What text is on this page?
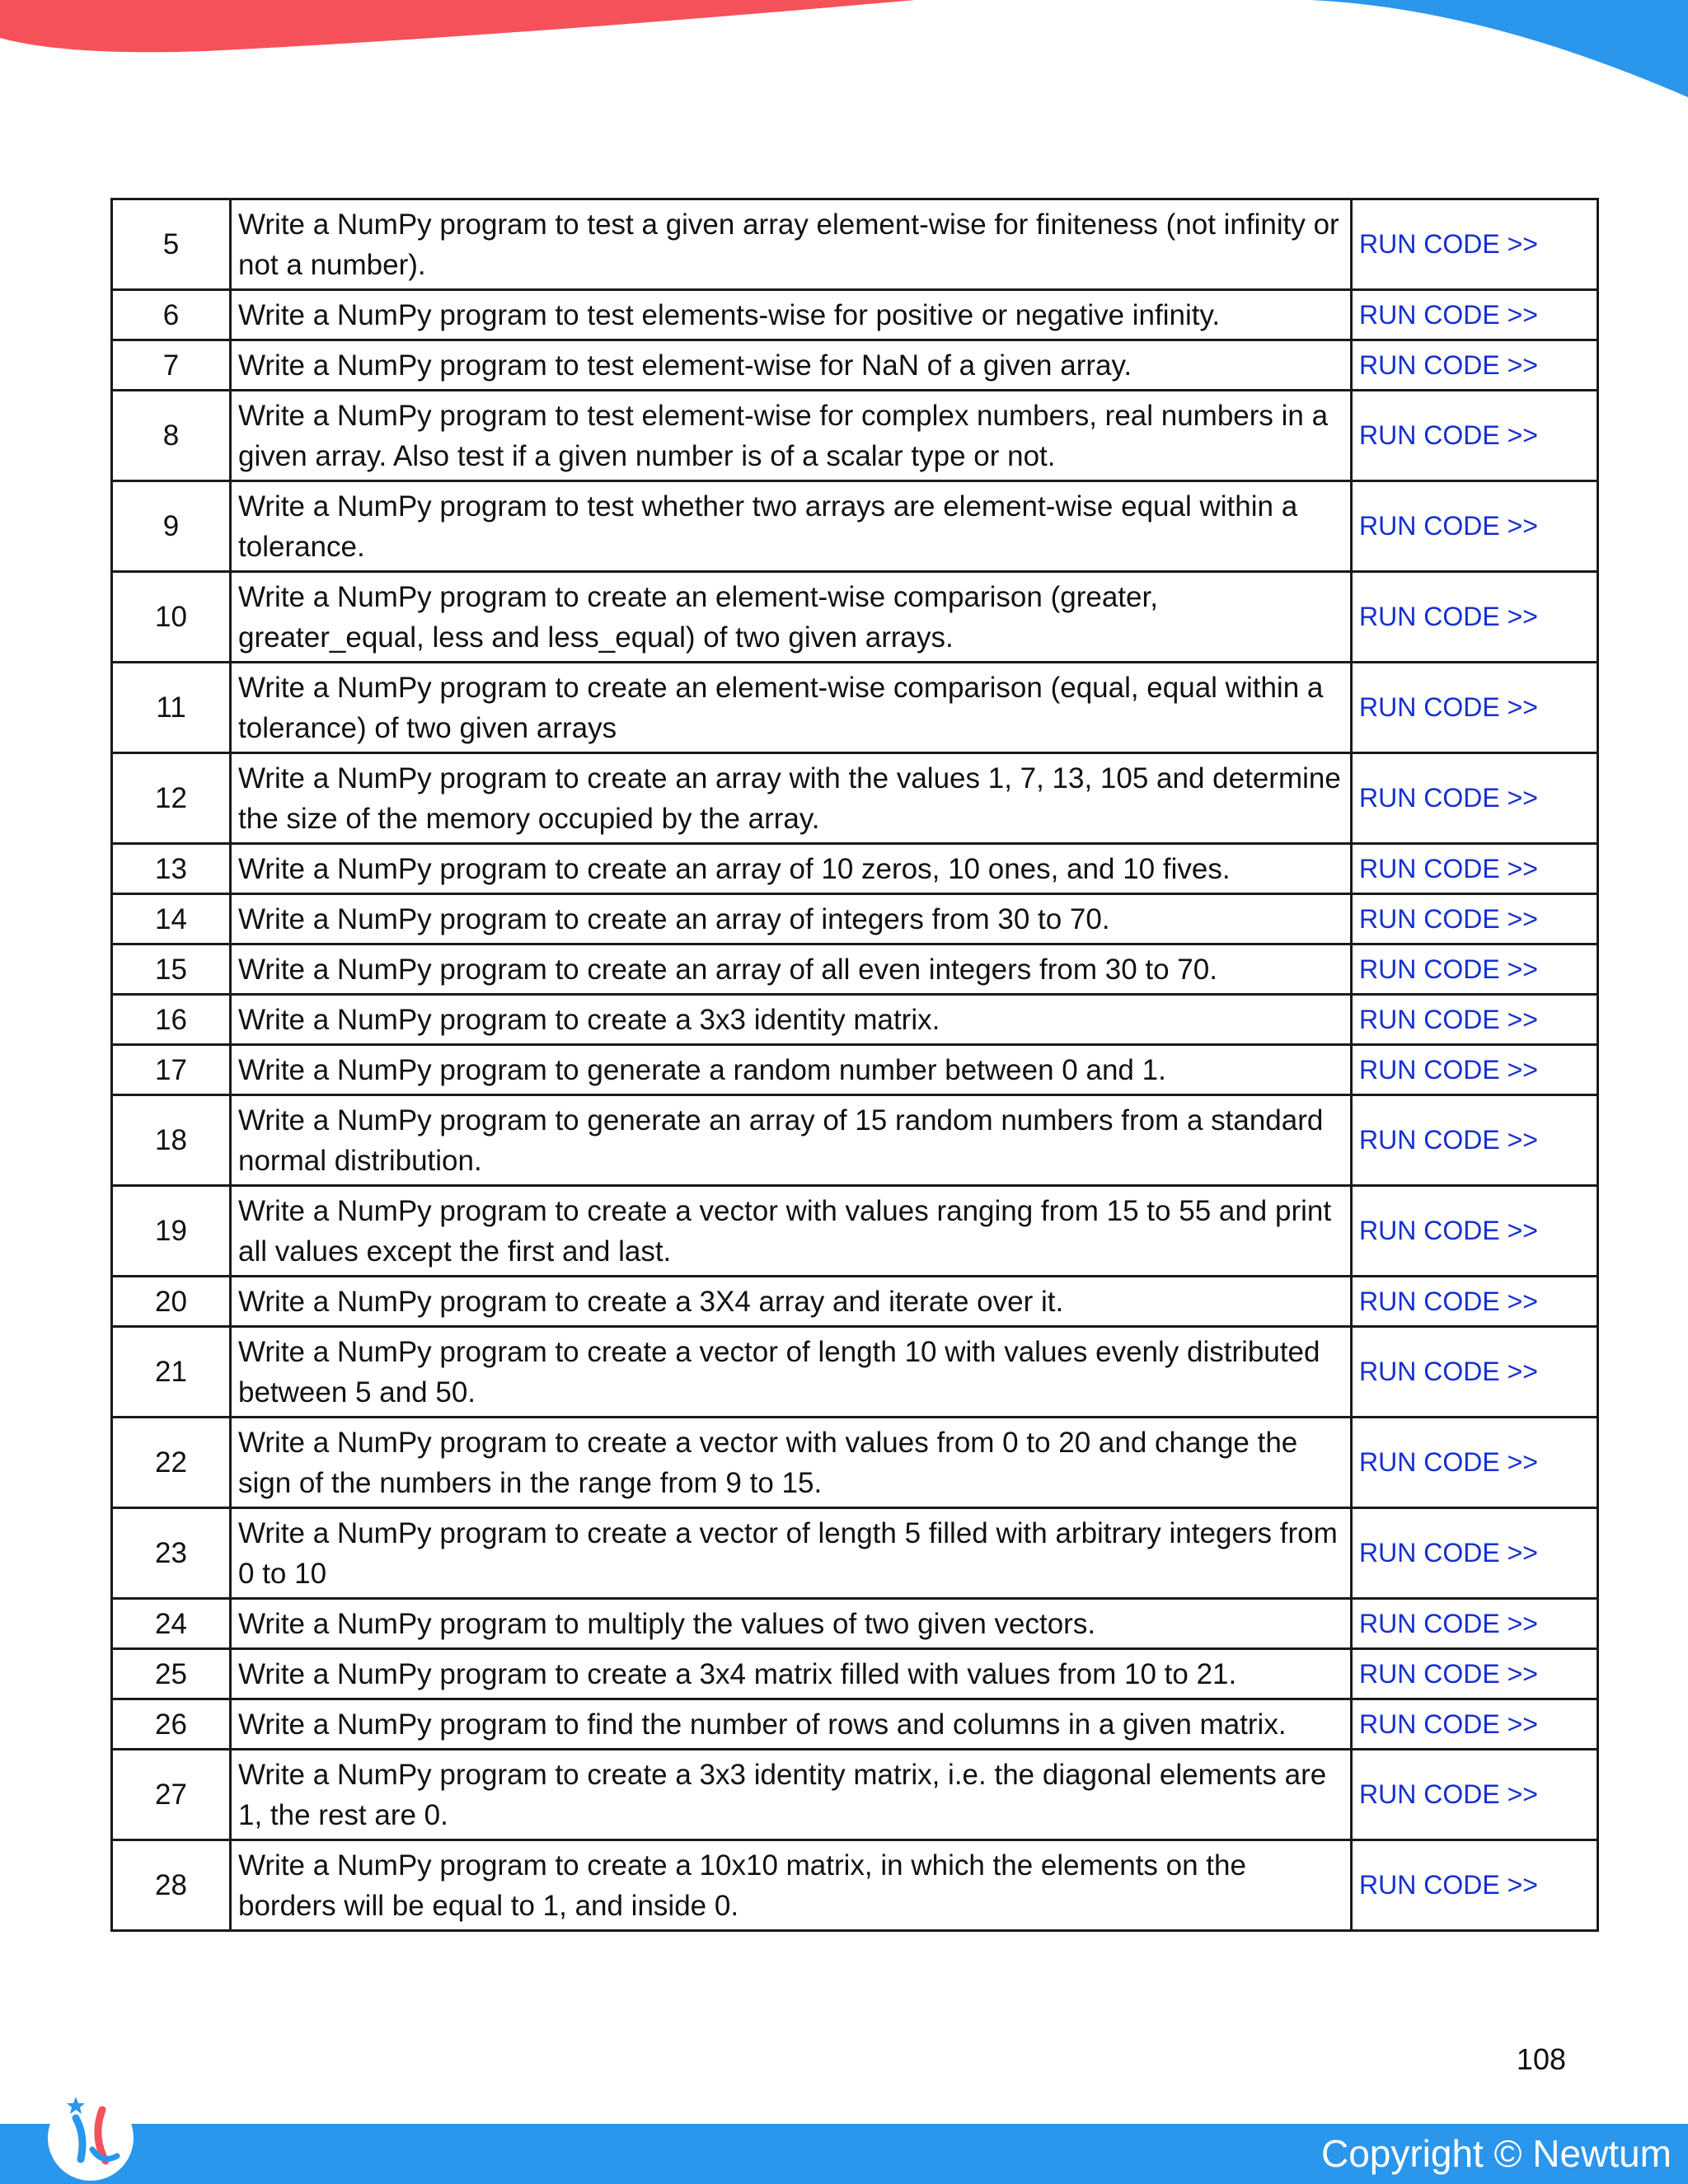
5	Write a NumPy program to test a given array element-wise for finiteness (not infinity or not a number).	RUN CODE >>
6	Write a NumPy program to test elements-wise for positive or negative infinity.	RUN CODE >>
7	Write a NumPy program to test element-wise for NaN of a given array.	RUN CODE >>
8	Write a NumPy program to test element-wise for complex numbers, real numbers in a given array. Also test if a given number is of a scalar type or not.	RUN CODE >>
9	Write a NumPy program to test whether two arrays are element-wise equal within a tolerance.	RUN CODE >>
10	Write a NumPy program to create an element-wise comparison (greater, greater_equal, less and less_equal) of two given arrays.	RUN CODE >>
11	Write a NumPy program to create an element-wise comparison (equal, equal within a tolerance) of two given arrays	RUN CODE >>
12	Write a NumPy program to create an array with the values 1, 7, 13, 105 and determine the size of the memory occupied by the array.	RUN CODE >>
13	Write a NumPy program to create an array of 10 zeros, 10 ones, and 10 fives.	RUN CODE >>
14	Write a NumPy program to create an array of integers from 30 to 70.	RUN CODE >>
15	Write a NumPy program to create an array of all even integers from 30 to 70.	RUN CODE >>
16	Write a NumPy program to create a 3x3 identity matrix.	RUN CODE >>
17	Write a NumPy program to generate a random number between 0 and 1.	RUN CODE >>
18	Write a NumPy program to generate an array of 15 random numbers from a standard normal distribution.	RUN CODE >>
19	Write a NumPy program to create a vector with values ranging from 15 to 55 and print all values except the first and last.	RUN CODE >>
20	Write a NumPy program to create a 3X4 array and iterate over it.	RUN CODE >>
21	Write a NumPy program to create a vector of length 10 with values evenly distributed between 5 and 50.	RUN CODE >>
22	Write a NumPy program to create a vector with values from 0 to 20 and change the sign of the numbers in the range from 9 to 15.	RUN CODE >>
23	Write a NumPy program to create a vector of length 5 filled with arbitrary integers from 0 to 10	RUN CODE >>
24	Write a NumPy program to multiply the values of two given vectors.	RUN CODE >>
25	Write a NumPy program to create a 3x4 matrix filled with values from 10 to 21.	RUN CODE >>
26	Write a NumPy program to find the number of rows and columns in a given matrix.	RUN CODE >>
27	Write a NumPy program to create a 3x3 identity matrix, i.e. the diagonal elements are 1, the rest are 0.	RUN CODE >>
28	Write a NumPy program to create a 10x10 matrix, in which the elements on the borders will be equal to 1, and inside 0.	RUN CODE >>
108
Copyright © Newtum
